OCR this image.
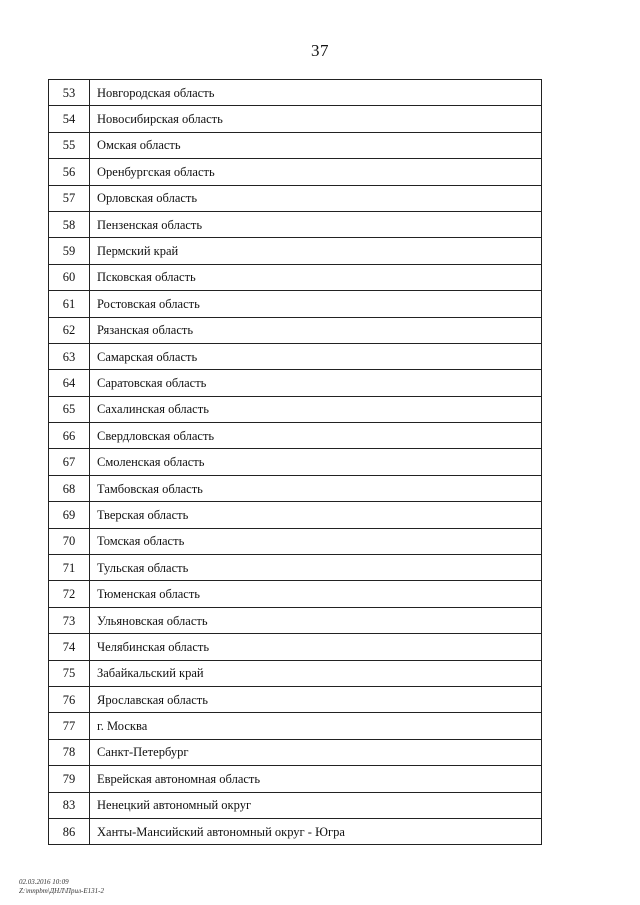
37
53	Новгородская область
54	Новосибирская область
55	Омская область
56	Оренбургская область
57	Орловская область
58	Пензенская область
59	Пермский край
60	Псковская область
61	Ростовская область
62	Рязанская область
63	Самарская область
64	Саратовская область
65	Сахалинская область
66	Свердловская область
67	Смоленская область
68	Тамбовская область
69	Тверская область
70	Томская область
71	Тульская область
72	Тюменская область
73	Ульяновская область
74	Челябинская область
75	Забайкальский край
76	Ярославская область
77	г. Москва
78	Санкт-Петербург
79	Еврейская автономная область
83	Ненецкий автономный округ
86	Ханты-Мансийский автономный округ - Югра
02.03.2016 10:09
Z:\mnpbm\ДНЛ\Прил-Е131-2
